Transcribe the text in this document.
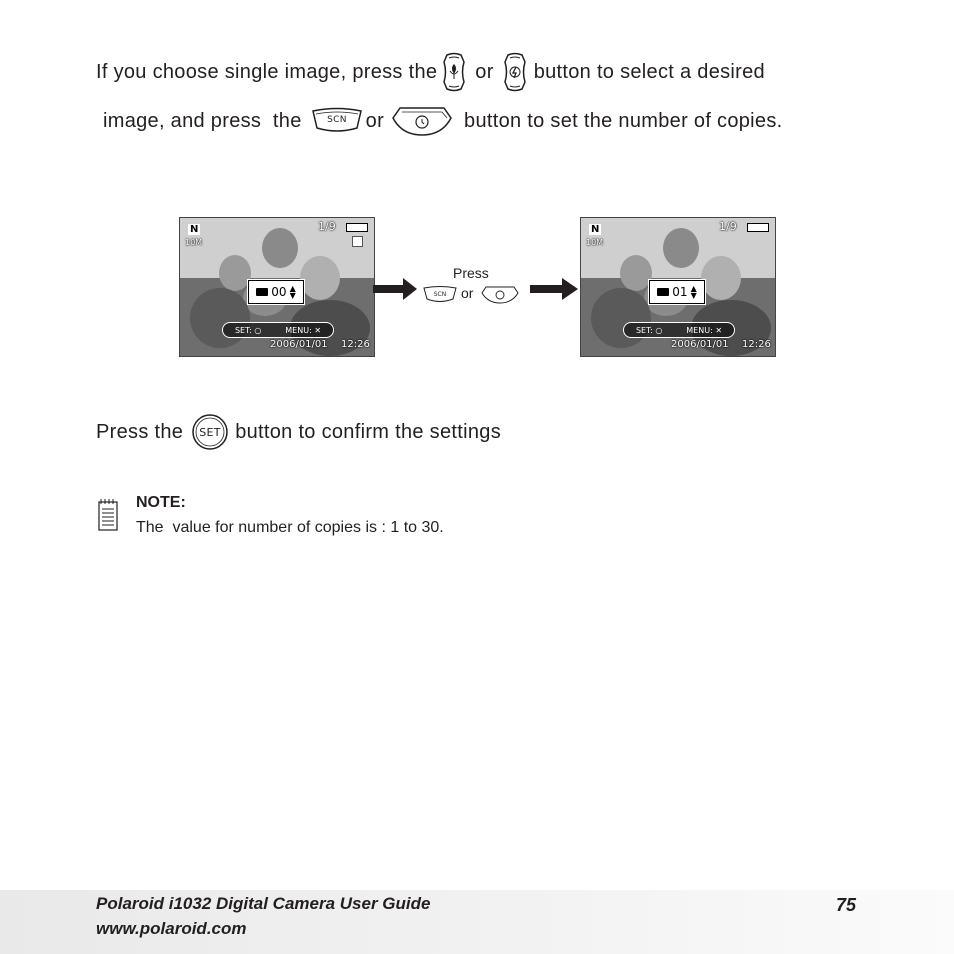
If you choose single image, press the or button to select a desired
image, and press  the	SCN or	button to set the number of copies.
N
10M
1/9
00 ▲
▼
SET: ○	MENU: ✕
2006/01/01 12:26
Press
SCN or
N
10M
1/9
01 ▲
▼
SET: ○	MENU: ✕
2006/01/01 12:26
Press the SET button to confirm the settings
NOTE:
The  value for number of copies is : 1 to 30.
Polaroid i1032 Digital Camera User Guide
www.polaroid.com
75
